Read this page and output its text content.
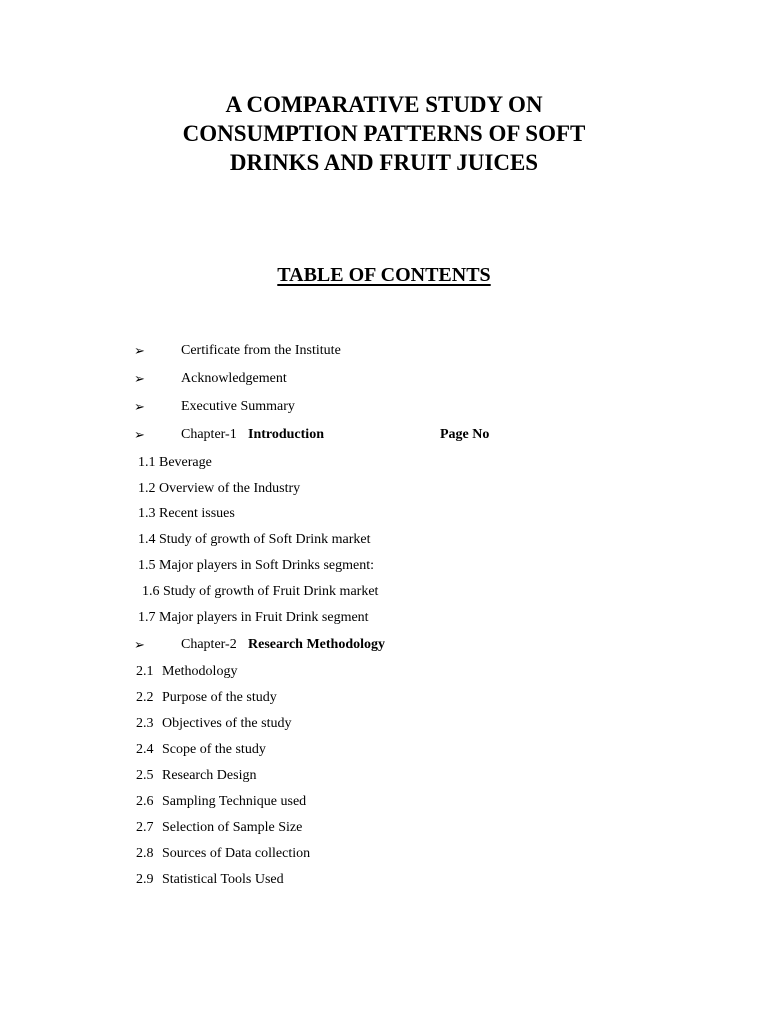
A COMPARATIVE STUDY ON
CONSUMPTION PATTERNS OF SOFT
DRINKS AND FRUIT JUICES
TABLE OF CONTENTS
➢	Certificate from the Institute
➢	Acknowledgement
➢	Executive Summary
➢	Chapter-1 Introduction	Page No
1.1 Beverage
1.2 Overview of the Industry
1.3 Recent issues
1.4 Study of growth of Soft Drink market
1.5 Major players in Soft Drinks segment:
1.6 Study of growth of Fruit Drink market
1.7 Major players in Fruit Drink segment
➢	Chapter-2 Research Methodology
2.1 Methodology
2.2 Purpose of the study
2.3 Objectives of the study
2.4 Scope of the study
2.5 Research Design
2.6 Sampling Technique used
2.7 Selection of Sample Size
2.8 Sources of Data collection
2.9 Statistical Tools Used
